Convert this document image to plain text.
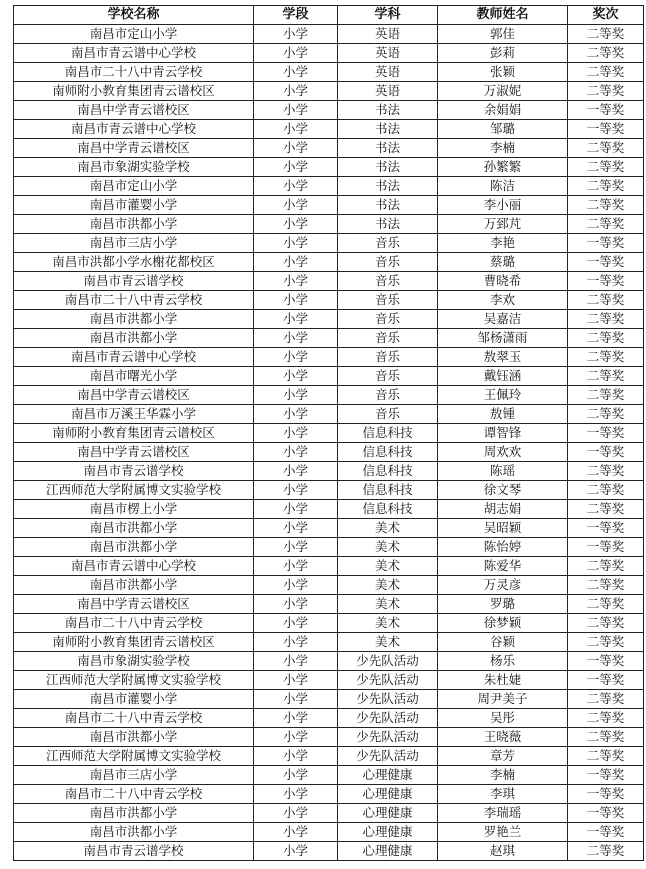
学校名称	学段	学科	教师姓名	奖次
南昌市定山小学	小学	英语	郭佳	二等奖
南昌市青云谱中心学校	小学	英语	彭莉	二等奖
南昌市二十八中青云学校	小学	英语	张颖	二等奖
南师附小教育集团青云谱校区	小学	英语	万淑妮	二等奖
南昌中学青云谱校区	小学	书法	余娟娟	一等奖
南昌市青云谱中心学校	小学	书法	邹璐	一等奖
南昌中学青云谱校区	小学	书法	李楠	二等奖
南昌市象湖实验学校	小学	书法	孙繁繁	二等奖
南昌市定山小学	小学	书法	陈洁	二等奖
南昌市灌婴小学	小学	书法	李小丽	二等奖
南昌市洪都小学	小学	书法	万郅芃	二等奖
南昌市三店小学	小学	音乐	李艳	一等奖
南昌市洪都小学水榭花都校区	小学	音乐	蔡璐	一等奖
南昌市青云谱学校	小学	音乐	曹晓希	一等奖
南昌市二十八中青云学校	小学	音乐	李欢	二等奖
南昌市洪都小学	小学	音乐	吴嘉洁	二等奖
南昌市洪都小学	小学	音乐	邹杨潇雨	二等奖
南昌市青云谱中心学校	小学	音乐	敖翠玉	二等奖
南昌市曙光小学	小学	音乐	戴钰涵	二等奖
南昌中学青云谱校区	小学	音乐	王佩玲	二等奖
南昌市万溪王华霖小学	小学	音乐	敖锺	二等奖
南师附小教育集团青云谱校区	小学	信息科技	谭智锋	一等奖
南昌中学青云谱校区	小学	信息科技	周欢欢	一等奖
南昌市青云谱学校	小学	信息科技	陈瑶	二等奖
江西师范大学附属博文实验学校	小学	信息科技	徐文琴	二等奖
南昌市楞上小学	小学	信息科技	胡志娟	二等奖
南昌市洪都小学	小学	美术	吴昭颖	一等奖
南昌市洪都小学	小学	美术	陈怡婷	一等奖
南昌市青云谱中心学校	小学	美术	陈爱华	二等奖
南昌市洪都小学	小学	美术	万灵彦	二等奖
南昌中学青云谱校区	小学	美术	罗璐	二等奖
南昌市二十八中青云学校	小学	美术	徐梦颖	二等奖
南师附小教育集团青云谱校区	小学	美术	谷颖	二等奖
南昌市象湖实验学校	小学	少先队活动	杨乐	一等奖
江西师范大学附属博文实验学校	小学	少先队活动	朱杜婕	一等奖
南昌市灌婴小学	小学	少先队活动	周尹美子	二等奖
南昌市二十八中青云学校	小学	少先队活动	吴彤	二等奖
南昌市洪都小学	小学	少先队活动	王晓薇	二等奖
江西师范大学附属博文实验学校	小学	少先队活动	章芳	二等奖
南昌市三店小学	小学	心理健康	李楠	一等奖
南昌市二十八中青云学校	小学	心理健康	李琪	一等奖
南昌市洪都小学	小学	心理健康	李瑞瑶	一等奖
南昌市洪都小学	小学	心理健康	罗艳兰	一等奖
南昌市青云谱学校	小学	心理健康	赵琪	二等奖
